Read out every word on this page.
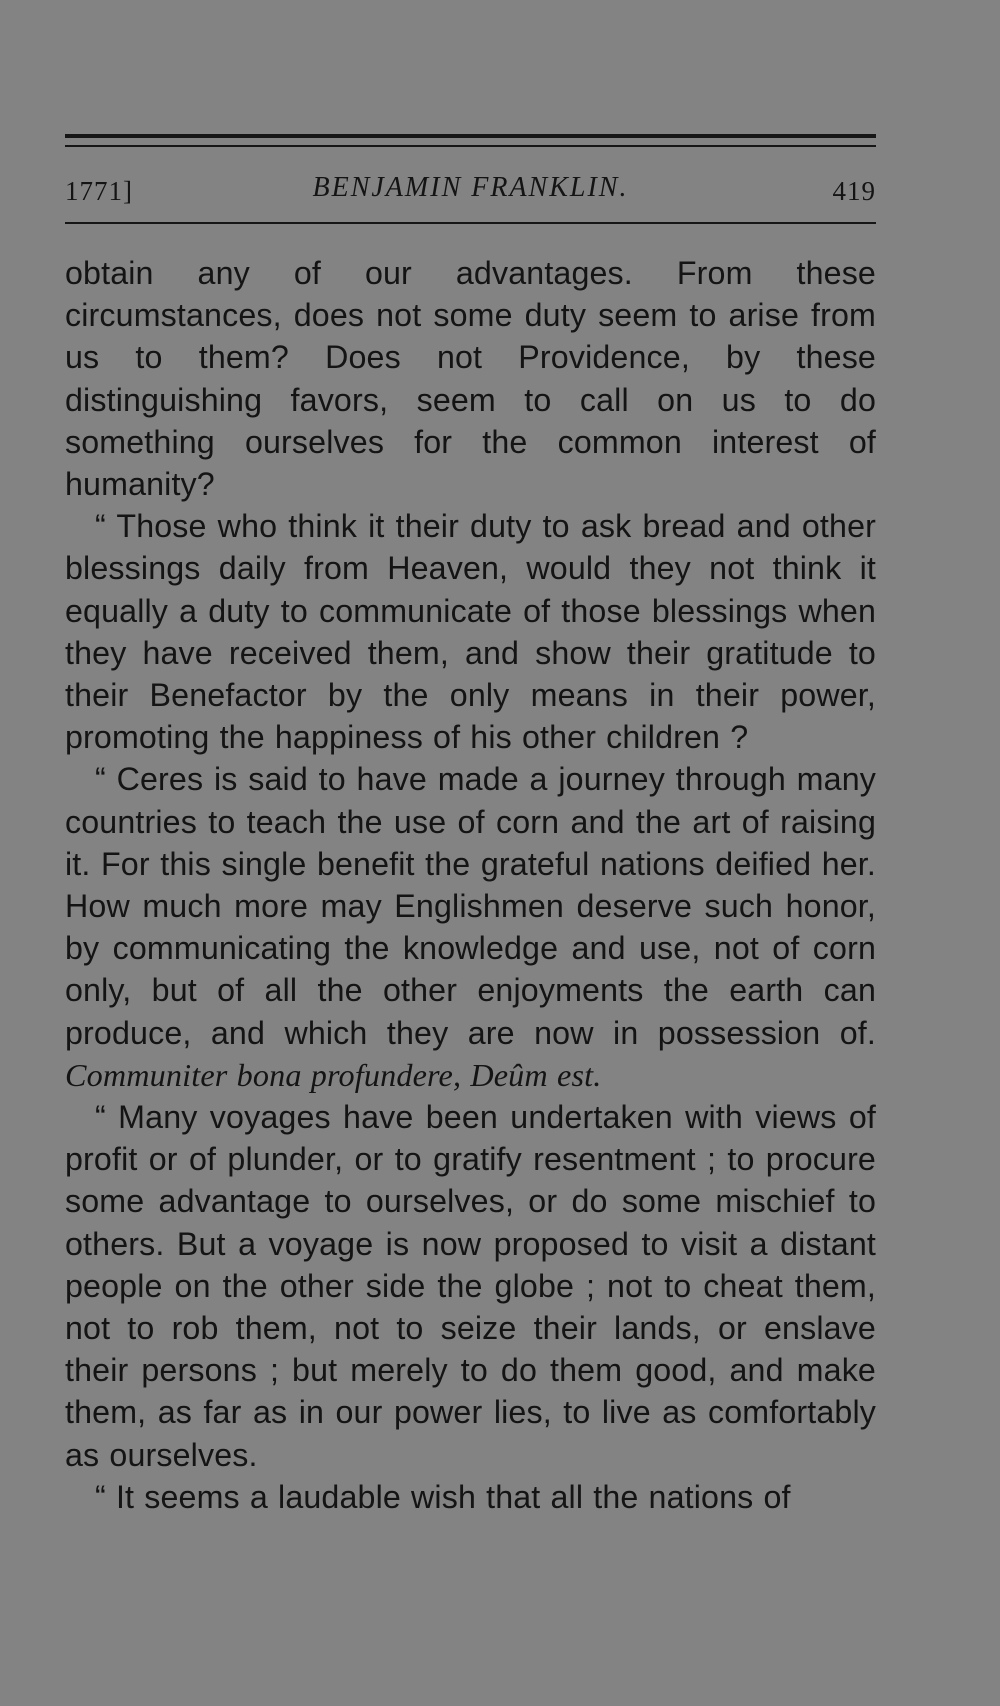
1771]	BENJAMIN FRANKLIN.	419

obtain any of our advantages. From these circumstances, does not some duty seem to arise from us to them? Does not Providence, by these distinguishing favors, seem to call on us to do something ourselves for the common interest of humanity?

“ Those who think it their duty to ask bread and other blessings daily from Heaven, would they not think it equally a duty to communicate of those blessings when they have received them, and show their gratitude to their Benefactor by the only means in their power, promoting the happiness of his other children ?

“ Ceres is said to have made a journey through many countries to teach the use of corn and the art of raising it. For this single benefit the grateful nations deified her. How much more may Englishmen deserve such honor, by communicating the knowledge and use, not of corn only, but of all the other enjoyments the earth can produce, and which they are now in possession of. Communiter bona profundere, Deûm est.

“ Many voyages have been undertaken with views of profit or of plunder, or to gratify resentment ; to procure some advantage to ourselves, or do some mischief to others. But a voyage is now proposed to visit a distant people on the other side the globe ; not to cheat them, not to rob them, not to seize their lands, or enslave their persons ; but merely to do them good, and make them, as far as in our power lies, to live as comfortably as ourselves.

“ It seems a laudable wish that all the nations of
